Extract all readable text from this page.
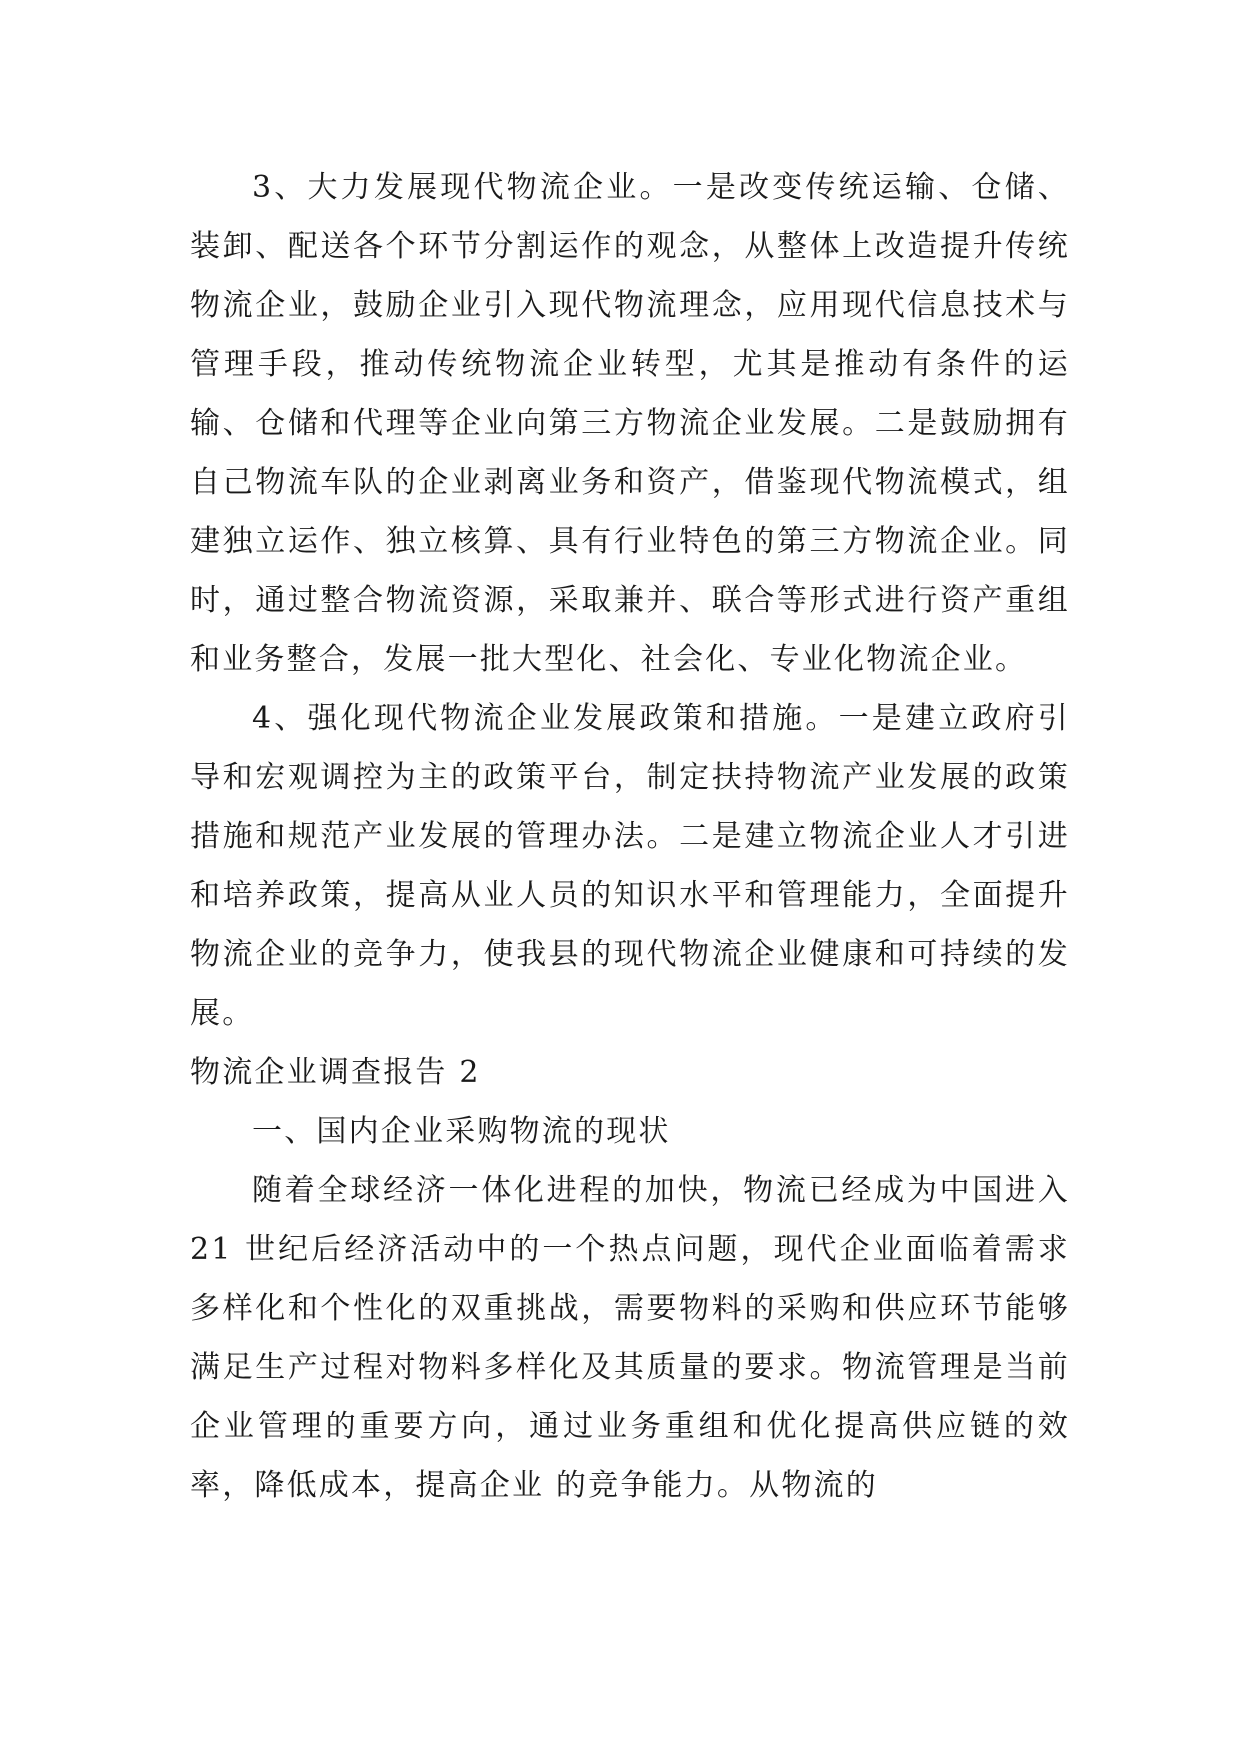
3、大力发展现代物流企业。一是改变传统运输、仓储、装卸、配送各个环节分割运作的观念，从整体上改造提升传统物流企业，鼓励企业引入现代物流理念，应用现代信息技术与管理手段，推动传统物流企业转型，尤其是推动有条件的运输、仓储和代理等企业向第三方物流企业发展。二是鼓励拥有自己物流车队的企业剥离业务和资产，借鉴现代物流模式，组建独立运作、独立核算、具有行业特色的第三方物流企业。同时，通过整合物流资源，采取兼并、联合等形式进行资产重组和业务整合，发展一批大型化、社会化、专业化物流企业。

4、强化现代物流企业发展政策和措施。一是建立政府引导和宏观调控为主的政策平台，制定扶持物流产业发展的政策措施和规范产业发展的管理办法。二是建立物流企业人才引进和培养政策，提高从业人员的知识水平和管理能力，全面提升物流企业的竞争力，使我县的现代物流企业健康和可持续的发展。

物流企业调查报告 2

一、国内企业采购物流的现状

随着全球经济一体化进程的加快，物流已经成为中国进入 21 世纪后经济活动中的一个热点问题，现代企业面临着需求多样化和个性化的双重挑战，需要物料的采购和供应环节能够满足生产过程对物料多样化及其质量的要求。物流管理是当前企业管理的重要方向，通过业务重组和优化提高供应链的效率，降低成本，提高企业 的竞争能力。从物流的
